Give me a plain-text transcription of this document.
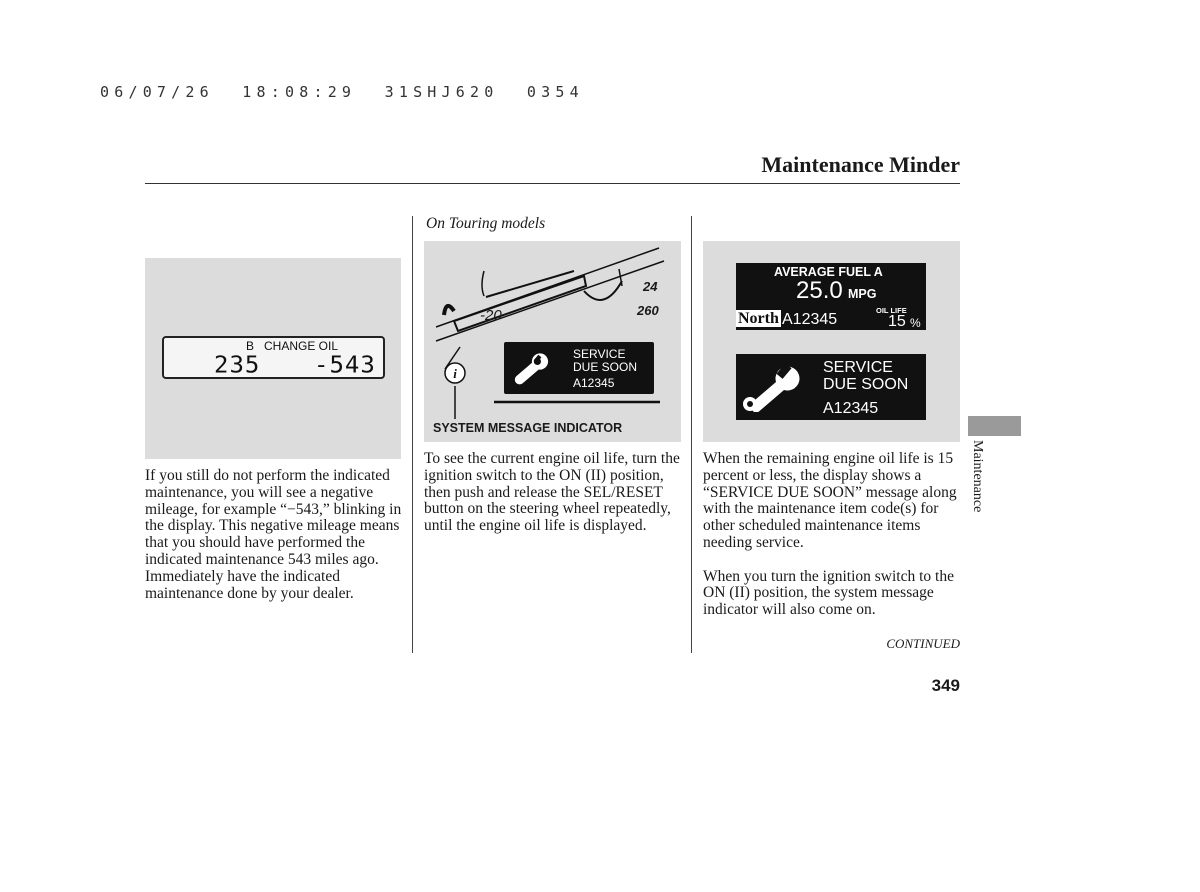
06/07/26  18:08:29  31SHJ620  0354
Maintenance Minder
B CHANGE OIL
235 -543

If you still do not perform the indicated maintenance, you will see a negative mileage, for example “−543,” blinking in the display. This negative mileage means that you should have performed the indicated maintenance 543 miles ago. Immediately have the indicated maintenance done by your dealer.

On Touring models
i
-20
24
260
SERVICE
DUE SOON
A12345
SYSTEM MESSAGE INDICATOR

To see the current engine oil life, turn the ignition switch to the ON (II) position, then push and release the SEL/RESET button on the steering wheel repeatedly, until the engine oil life is displayed.

AVERAGE FUEL A
25.0 MPG
North A12345
OIL LIFE
15 %
SERVICE
DUE SOON
A12345

When the remaining engine oil life is 15 percent or less, the display shows a “SERVICE DUE SOON” message along with the maintenance item code(s) for other scheduled maintenance items needing service.

When you turn the ignition switch to the ON (II) position, the system message indicator will also come on.

Maintenance
CONTINUED
349
